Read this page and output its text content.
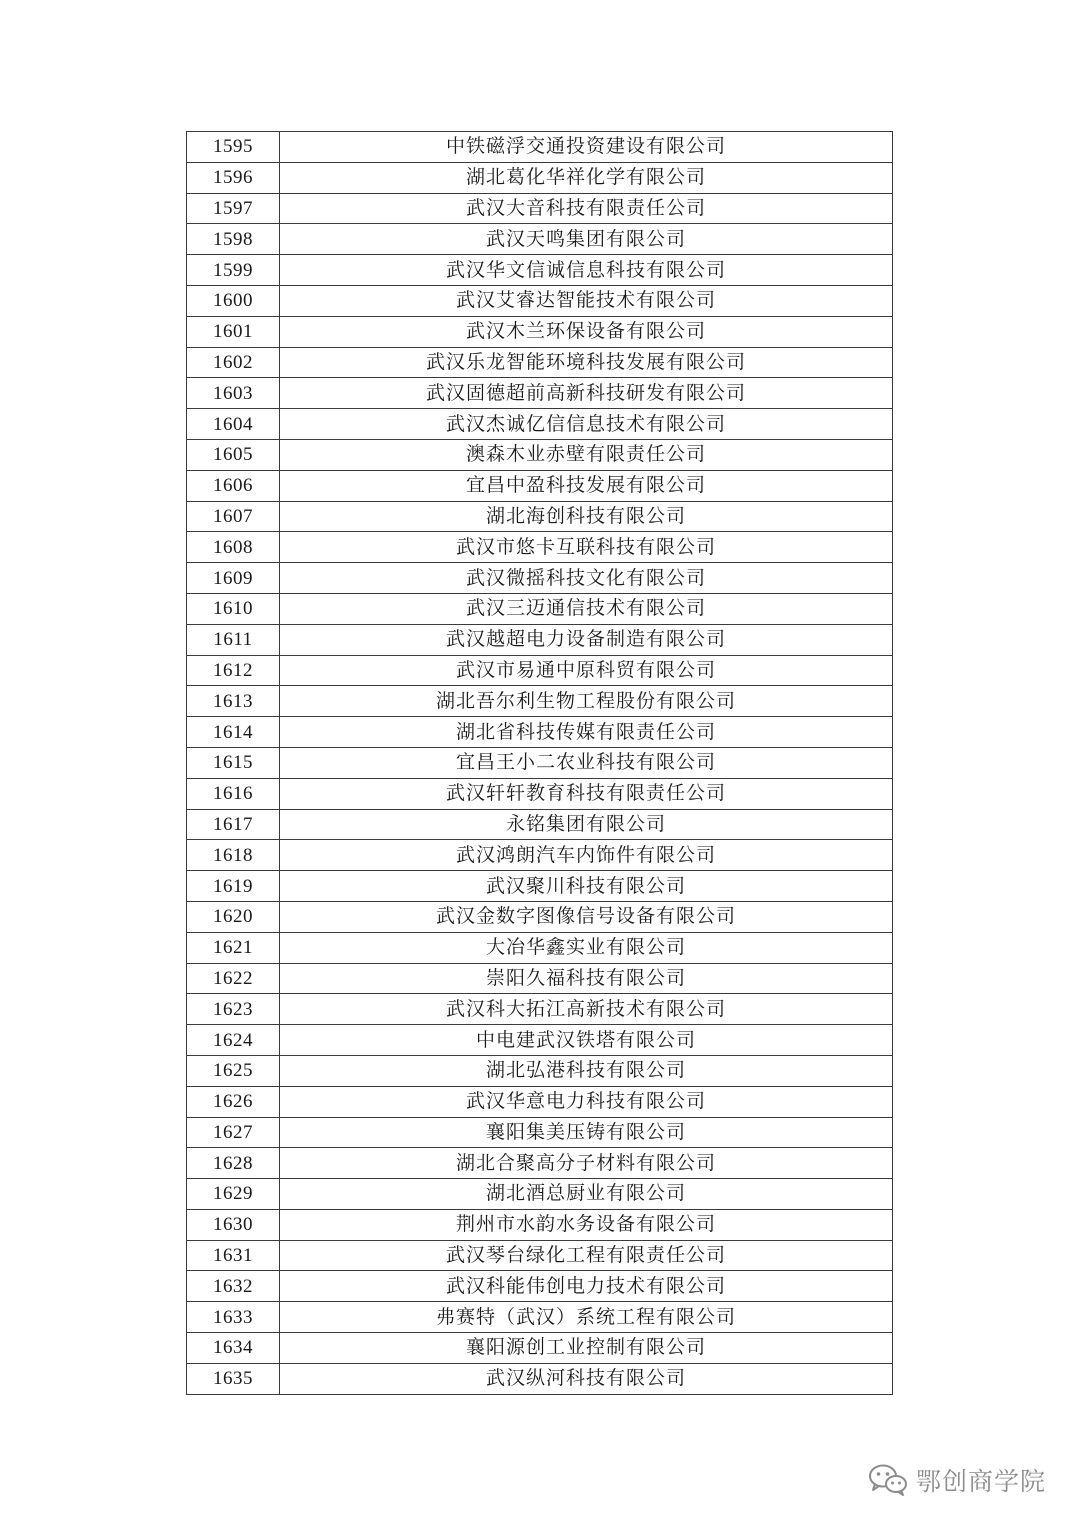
1595	中铁磁浮交通投资建设有限公司
1596	湖北葛化华祥化学有限公司
1597	武汉大音科技有限责任公司
1598	武汉天鸣集团有限公司
1599	武汉华文信诚信息科技有限公司
1600	武汉艾睿达智能技术有限公司
1601	武汉木兰环保设备有限公司
1602	武汉乐龙智能环境科技发展有限公司
1603	武汉固德超前高新科技研发有限公司
1604	武汉杰诚亿信信息技术有限公司
1605	澳森木业赤壁有限责任公司
1606	宜昌中盈科技发展有限公司
1607	湖北海创科技有限公司
1608	武汉市悠卡互联科技有限公司
1609	武汉微摇科技文化有限公司
1610	武汉三迈通信技术有限公司
1611	武汉越超电力设备制造有限公司
1612	武汉市易通中原科贸有限公司
1613	湖北吾尔利生物工程股份有限公司
1614	湖北省科技传媒有限责任公司
1615	宜昌王小二农业科技有限公司
1616	武汉轩轩教育科技有限责任公司
1617	永铭集团有限公司
1618	武汉鸿朗汽车内饰件有限公司
1619	武汉聚川科技有限公司
1620	武汉金数字图像信号设备有限公司
1621	大冶华鑫实业有限公司
1622	崇阳久福科技有限公司
1623	武汉科大拓江高新技术有限公司
1624	中电建武汉铁塔有限公司
1625	湖北弘港科技有限公司
1626	武汉华意电力科技有限公司
1627	襄阳集美压铸有限公司
1628	湖北合聚高分子材料有限公司
1629	湖北酒总厨业有限公司
1630	荆州市水韵水务设备有限公司
1631	武汉琴台绿化工程有限责任公司
1632	武汉科能伟创电力技术有限公司
1633	弗赛特（武汉）系统工程有限公司
1634	襄阳源创工业控制有限公司
1635	武汉纵河科技有限公司
鄂创商学院
